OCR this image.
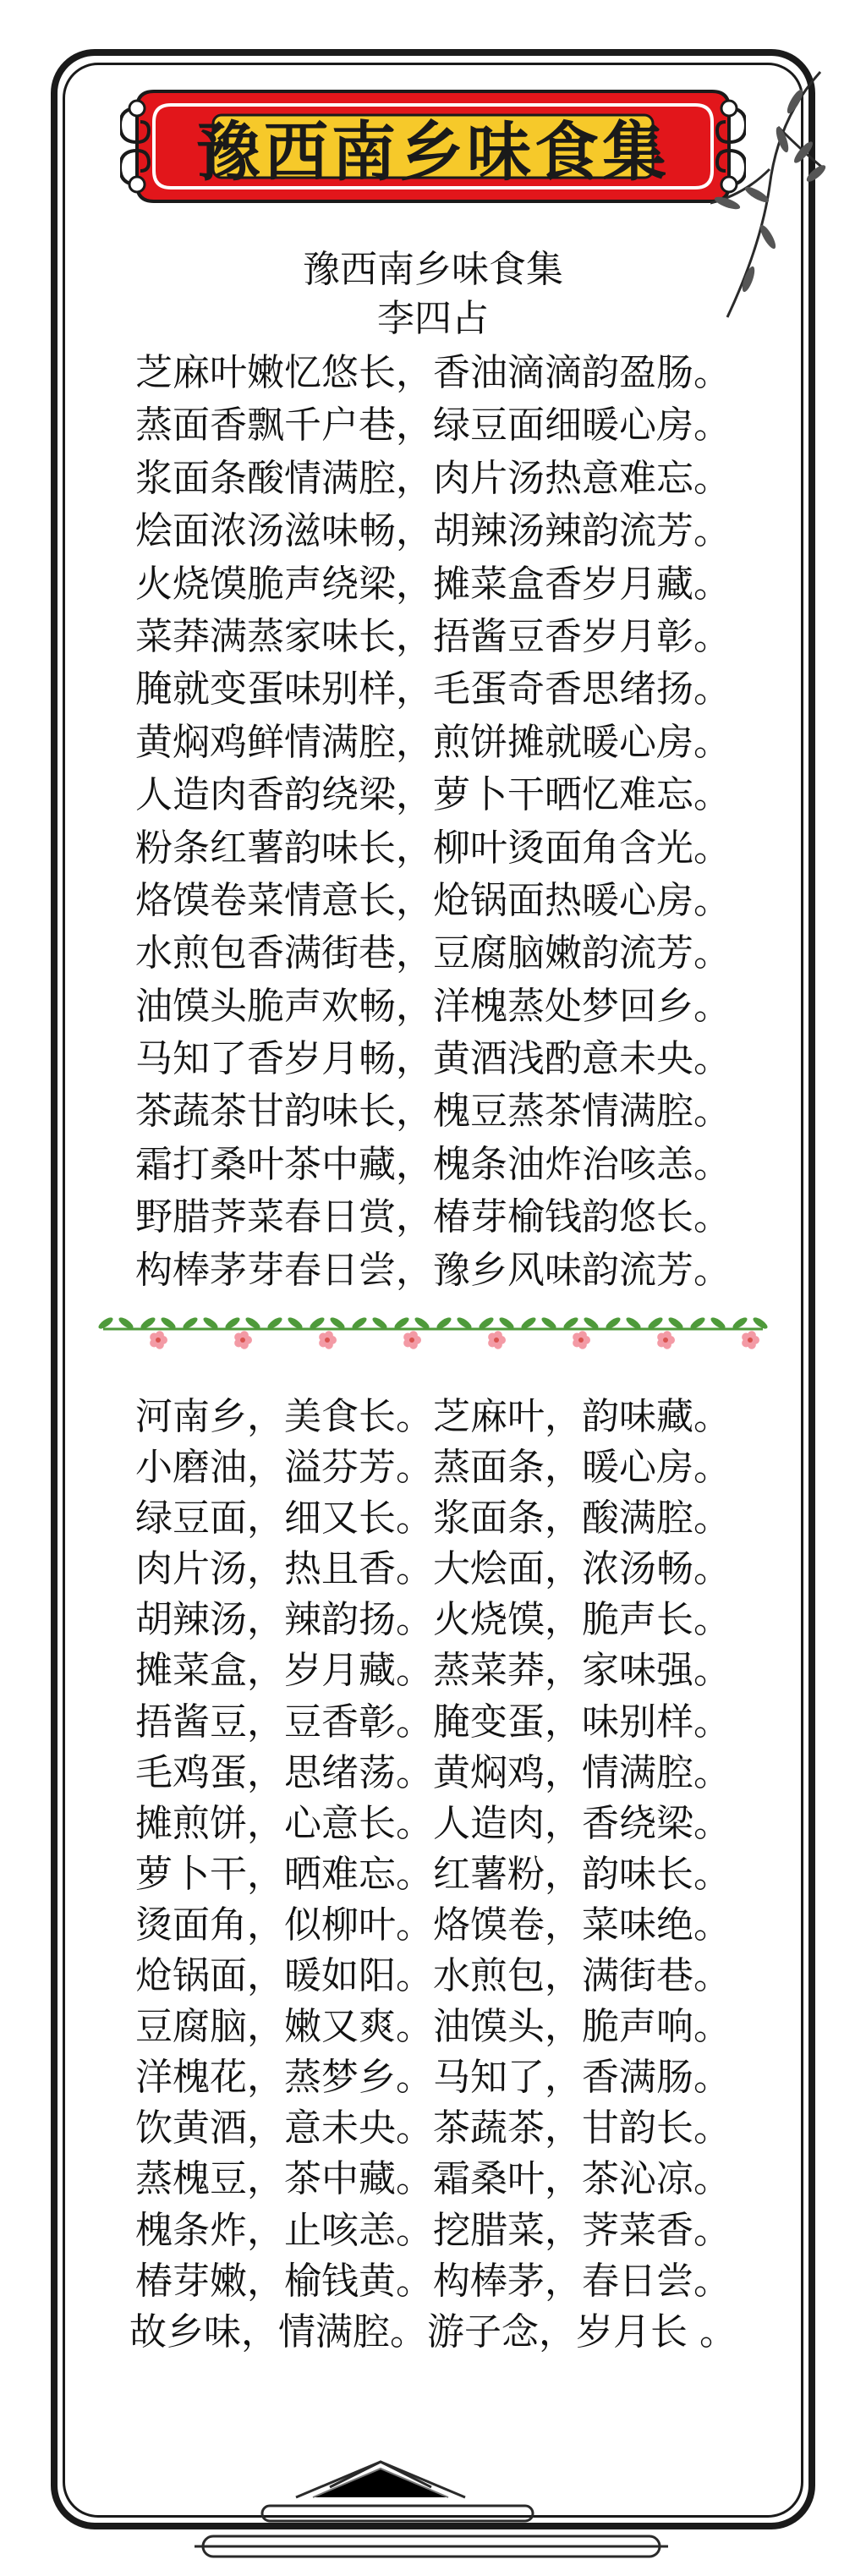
豫西南乡味食集
豫西南乡味食集
李四占
芝麻叶嫩忆悠长，香油滴滴韵盈肠。
蒸面香飘千户巷，绿豆面细暖心房。
浆面条酸情满腔，肉片汤热意难忘。
烩面浓汤滋味畅，胡辣汤辣韵流芳。
火烧馍脆声绕梁，摊菜盒香岁月藏。
菜莽满蒸家味长，捂酱豆香岁月彰。
腌就变蛋味别样，毛蛋奇香思绪扬。
黄焖鸡鲜情满腔，煎饼摊就暖心房。
人造肉香韵绕梁，萝卜干晒忆难忘。
粉条红薯韵味长，柳叶烫面角含光。
烙馍卷菜情意长，炝锅面热暖心房。
水煎包香满街巷，豆腐脑嫩韵流芳。
油馍头脆声欢畅，洋槐蒸处梦回乡。
马知了香岁月畅，黄酒浅酌意未央。
茶蔬茶甘韵味长，槐豆蒸茶情满腔。
霜打桑叶茶中藏，槐条油炸治咳恙。
野腊荠菜春日赏，椿芽榆钱韵悠长。
构棒茅芽春日尝，豫乡风味韵流芳。
河南乡，美食长。芝麻叶，韵味藏。
小磨油，溢芬芳。蒸面条，暖心房。
绿豆面，细又长。浆面条，酸满腔。
肉片汤，热且香。大烩面，浓汤畅。
胡辣汤，辣韵扬。火烧馍，脆声长。
摊菜盒，岁月藏。蒸菜莽，家味强。
捂酱豆，豆香彰。腌变蛋，味别样。
毛鸡蛋，思绪荡。黄焖鸡，情满腔。
摊煎饼，心意长。人造肉，香绕梁。
萝卜干，晒难忘。红薯粉，韵味长。
烫面角，似柳叶。烙馍卷，菜味绝。
炝锅面，暖如阳。水煎包，满街巷。
豆腐脑，嫩又爽。油馍头，脆声响。
洋槐花，蒸梦乡。马知了，香满肠。
饮黄酒，意未央。茶蔬茶，甘韵长。
蒸槐豆，茶中藏。霜桑叶，茶沁凉。
槐条炸，止咳恙。挖腊菜，荠菜香。
椿芽嫩，榆钱黄。构棒茅，春日尝。
故乡味，情满腔。游子念，岁月长 。
